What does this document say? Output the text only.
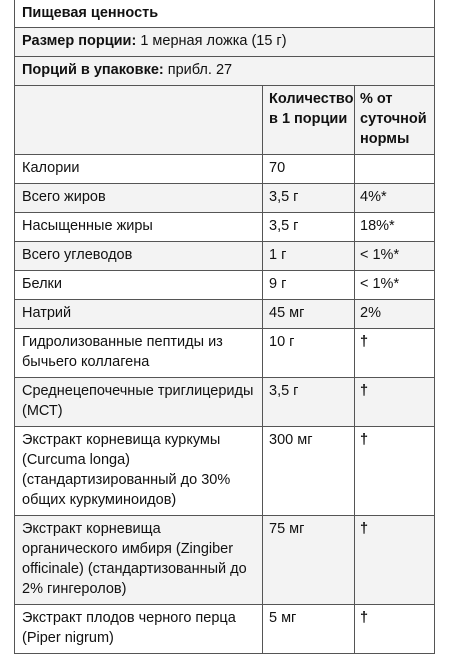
Пищевая ценность		
Размер порции: 1 мерная ложка (15 г)		
Порций в упаковке: прибл. 27		
	Количество в 1 порции	% от суточной нормы
Калории	70	
Всего жиров	3,5 г	4%*
Насыщенные жиры	3,5 г	18%*
Всего углеводов	1 г	< 1%*
Белки	9 г	< 1%*
Натрий	45 мг	2%
Гидролизованные пептиды из бычьего коллагена	10 г	†
Среднецепочечные триглицериды (МСТ)	3,5 г	†
Экстракт корневища куркумы (Curcuma longa) (стандартизированный до 30% общих куркуминоидов)	300 мг	†
Экстракт корневища органического имбиря (Zingiber officinale) (стандартизованный до 2% гингеролов)	75 мг	†
Экстракт плодов черного перца (Piper nigrum)	5 мг	†
